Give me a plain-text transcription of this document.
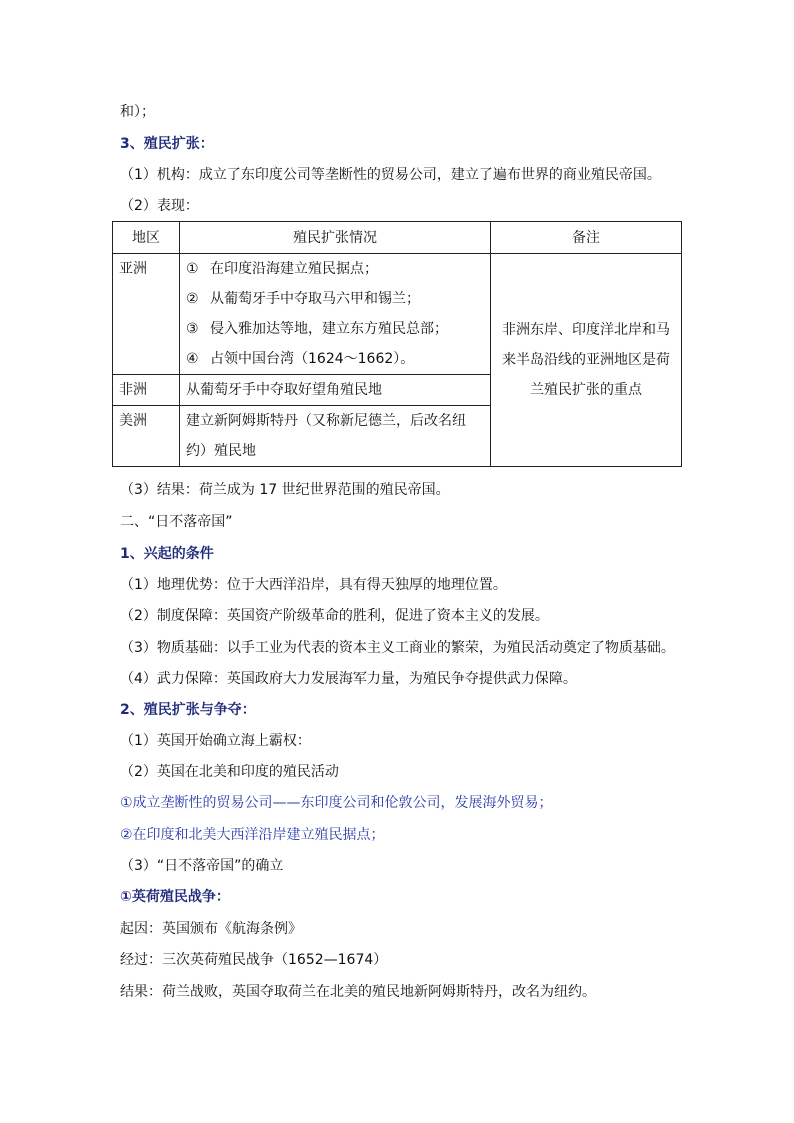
和）；
3、殖民扩张：
（1）机构：成立了东印度公司等垄断性的贸易公司，建立了遍布世界的商业殖民帝国。
（2）表现：
地区	殖民扩张情况	备注
亚洲	① 在印度沿海建立殖民据点；
② 从葡萄牙手中夺取马六甲和锡兰；
③ 侵入雅加达等地，建立东方殖民总部；
④ 占领中国台湾（1624～1662）。	非洲东岸、印度洋北岸和马来半岛沿线的亚洲地区是荷兰殖民扩张的重点
非洲	从葡萄牙手中夺取好望角殖民地	
美洲	建立新阿姆斯特丹（又称新尼德兰，后改名纽约）殖民地	
（3）结果：荷兰成为 17 世纪世界范围的殖民帝国。
二、“日不落帝国”
1、兴起的条件
（1）地理优势：位于大西洋沿岸，具有得天独厚的地理位置。
（2）制度保障：英国资产阶级革命的胜利，促进了资本主义的发展。
（3）物质基础：以手工业为代表的资本主义工商业的繁荣，为殖民活动奠定了物质基础。
（4）武力保障：英国政府大力发展海军力量，为殖民争夺提供武力保障。
2、殖民扩张与争夺：
（1）英国开始确立海上霸权：
（2）英国在北美和印度的殖民活动
①成立垄断性的贸易公司——东印度公司和伦敦公司，发展海外贸易；
②在印度和北美大西洋沿岸建立殖民据点；
（3）“日不落帝国”的确立
①英荷殖民战争：
起因：英国颁布《航海条例》
经过：三次英荷殖民战争（1652—1674）
结果：荷兰战败，英国夺取荷兰在北美的殖民地新阿姆斯特丹，改名为纽约。
